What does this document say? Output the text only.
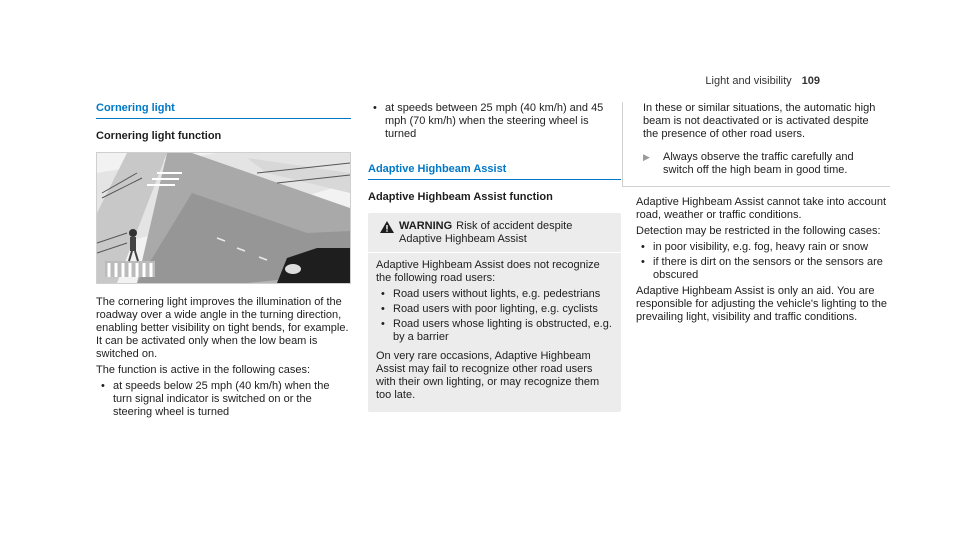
Light and visibility 109
Cornering light
Cornering light function

The cornering light improves the illumination of the roadway over a wide angle in the turning direction, enabling better visibility on tight bends, for example. It can be activated only when the low beam is switched on.

The function is active in the following cases:

• at speeds below 25 mph (40 km/h) when the turn signal indicator is switched on or the steering wheel is turned
• at speeds between 25 mph (40 km/h) and 45 mph (70 km/h) when the steering wheel is turned
Adaptive Highbeam Assist
Adaptive Highbeam Assist function
WARNING Risk of accident despite Adaptive Highbeam Assist

Adaptive Highbeam Assist does not recognize the following road users:

• Road users without lights, e.g. pedestrians
• Road users with poor lighting, e.g. cyclists
• Road users whose lighting is obstructed, e.g. by a barrier

On very rare occasions, Adaptive Highbeam Assist may fail to recognize other road users with their own lighting, or may recognize them too late.

In these or similar situations, the automatic high beam is not deactivated or is activated despite the presence of other road users.

▶	Always observe the traffic carefully and switch off the high beam in good time.

Adaptive Highbeam Assist cannot take into account road, weather or traffic conditions.

Detection may be restricted in the following cases:

• in poor visibility, e.g. fog, heavy rain or snow
• if there is dirt on the sensors or the sensors are obscured

Adaptive Highbeam Assist is only an aid. You are responsible for adjusting the vehicle's lighting to the prevailing light, visibility and traffic conditions.
